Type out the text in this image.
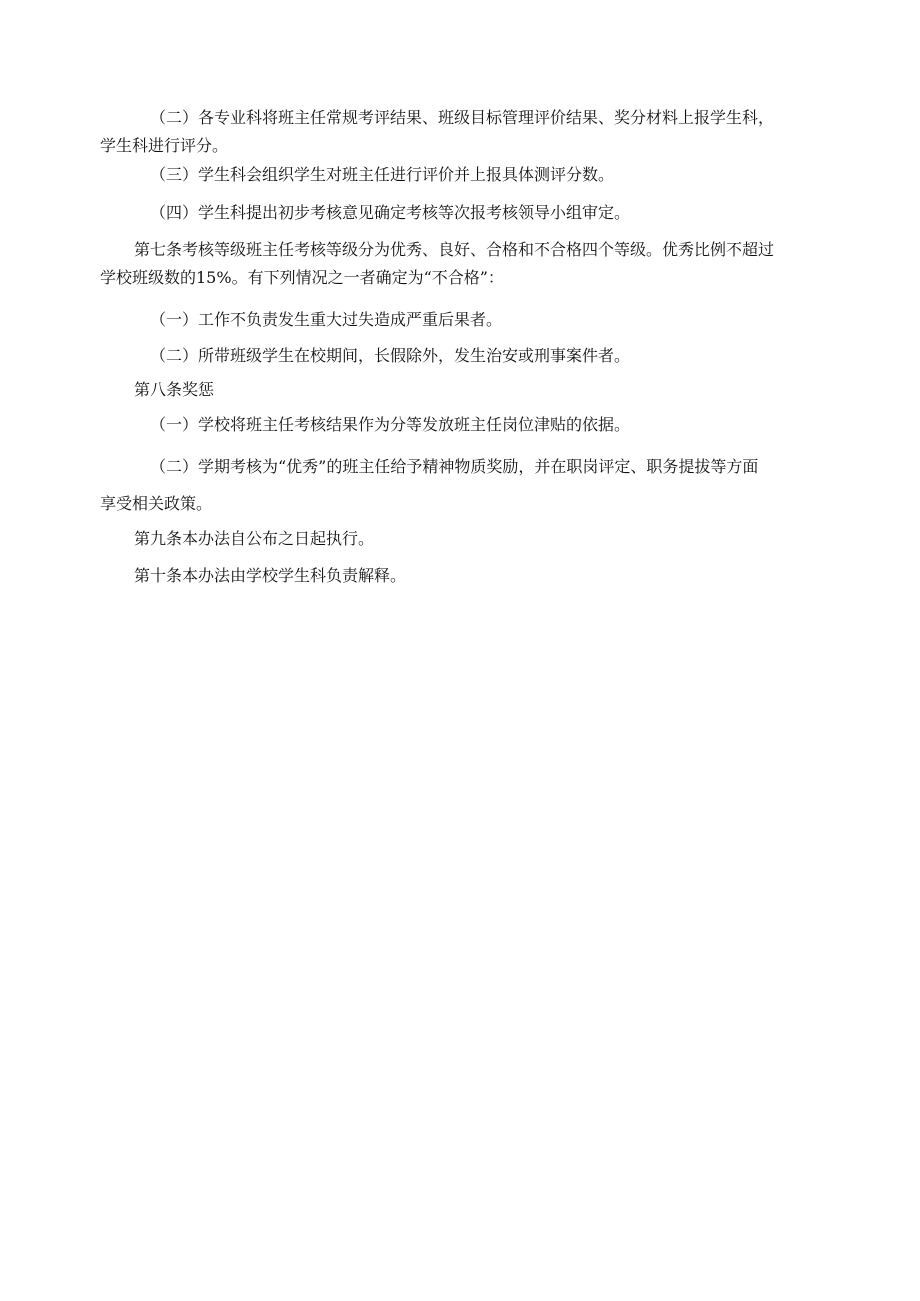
（二）各专业科将班主任常规考评结果、班级目标管理评价结果、奖分材料上报学生科，
学生科进行评分。

（三）学生科会组织学生对班主任进行评价并上报具体测评分数。

（四）学生科提出初步考核意见确定考核等次报考核领导小组审定。

第七条考核等级班主任考核等级分为优秀、良好、合格和不合格四个等级。优秀比例不超过
学校班级数的15%。有下列情况之一者确定为“不合格”：

（一）工作不负责发生重大过失造成严重后果者。

（二）所带班级学生在校期间，长假除外，发生治安或刑事案件者。

第八条奖惩

（一）学校将班主任考核结果作为分等发放班主任岗位津贴的依据。

（二）学期考核为“优秀”的班主任给予精神物质奖励，并在职岗评定、职务提拔等方面
享受相关政策。

第九条本办法自公布之日起执行。

第十条本办法由学校学生科负责解释。
